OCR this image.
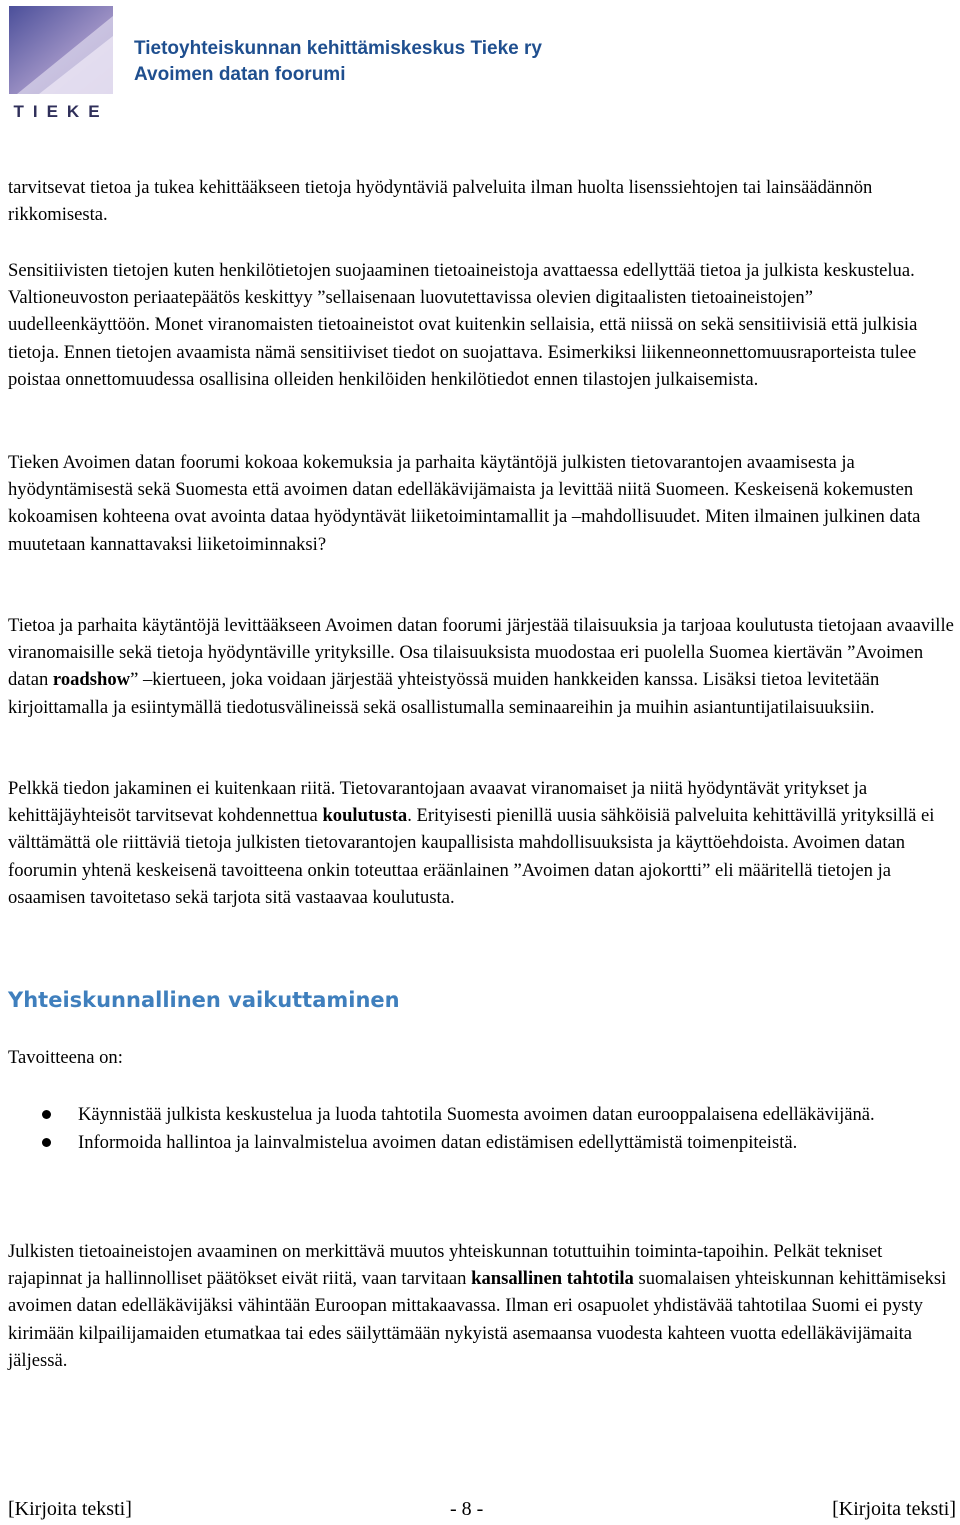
TIEKE
Tietoyhteiskunnan kehittämiskeskus Tieke ry
Avoimen datan foorumi

tarvitsevat tietoa ja tukea kehittääkseen tietoja hyödyntäviä palveluita ilman huolta lisenssiehtojen tai lainsäädännön rikkomisesta.

Sensitiivisten tietojen kuten henkilötietojen suojaaminen tietoaineistoja avattaessa edellyttää tietoa ja julkista keskustelua. Valtioneuvoston periaatepäätös keskittyy ”sellaisenaan luovutettavissa olevien digitaalisten tietoaineistojen” uudelleenkäyttöön. Monet viranomaisten tietoaineistot ovat kuitenkin sellaisia, että niissä on sekä sensitiivisiä että julkisia tietoja. Ennen tietojen avaamista nämä sensitiiviset tiedot on suojattava. Esimerkiksi liikenneonnettomuusraporteista tulee poistaa onnettomuudessa osallisina olleiden henkilöiden henkilötiedot ennen tilastojen julkaisemista.

Tieken Avoimen datan foorumi kokoaa kokemuksia ja parhaita käytäntöjä julkisten tietovarantojen avaamisesta ja hyödyntämisestä sekä Suomesta että avoimen datan edelläkävijämaista ja levittää niitä Suomeen. Keskeisenä kokemusten kokoamisen kohteena ovat avointa dataa hyödyntävät liiketoimintamallit ja –mahdollisuudet. Miten ilmainen julkinen data muutetaan kannattavaksi liiketoiminnaksi?

Tietoa ja parhaita käytäntöjä levittääkseen Avoimen datan foorumi järjestää tilaisuuksia ja tarjoaa koulutusta tietojaan avaaville viranomaisille sekä tietoja hyödyntäville yrityksille. Osa tilaisuuksista muodostaa eri puolella Suomea kiertävän ”Avoimen datan roadshow” –kiertueen, joka voidaan järjestää yhteistyössä muiden hankkeiden kanssa. Lisäksi tietoa levitetään kirjoittamalla ja esiintymällä tiedotusvälineissä sekä osallistumalla seminaareihin ja muihin asiantuntijatilaisuuksiin.

Pelkkä tiedon jakaminen ei kuitenkaan riitä. Tietovarantojaan avaavat viranomaiset ja niitä hyödyntävät yritykset ja kehittäjäyhteisöt tarvitsevat kohdennettua koulutusta. Erityisesti pienillä uusia sähköisiä palveluita kehittävillä yrityksillä ei välttämättä ole riittäviä tietoja julkisten tietovarantojen kaupallisista mahdollisuuksista ja käyttöehdoista. Avoimen datan foorumin yhtenä keskeisenä tavoitteena onkin toteuttaa eräänlainen ”Avoimen datan ajokortti” eli määritellä tietojen ja osaamisen tavoitetaso sekä tarjota sitä vastaavaa koulutusta.

Yhteiskunnallinen vaikuttaminen

Tavoitteena on:

Käynnistää julkista keskustelua ja luoda tahtotila Suomesta avoimen datan eurooppalaisena edelläkävijänä.
Informoida hallintoa ja lainvalmistelua avoimen datan edistämisen edellyttämistä toimenpiteistä.

Julkisten tietoaineistojen avaaminen on merkittävä muutos yhteiskunnan totuttuihin toiminta-tapoihin. Pelkät tekniset rajapinnat ja hallinnolliset päätökset eivät riitä, vaan tarvitaan kansallinen tahtotila suomalaisen yhteiskunnan kehittämiseksi avoimen datan edelläkävijäksi vähintään Euroopan mittakaavassa. Ilman eri osapuolet yhdistävää tahtotilaa Suomi ei pysty kirimään kilpailijamaiden etumatkaa tai edes säilyttämään nykyistä asemaansa vuodesta kahteen vuotta edelläkävijämaita jäljessä.

[Kirjoita teksti]	- 8 -	[Kirjoita teksti]
